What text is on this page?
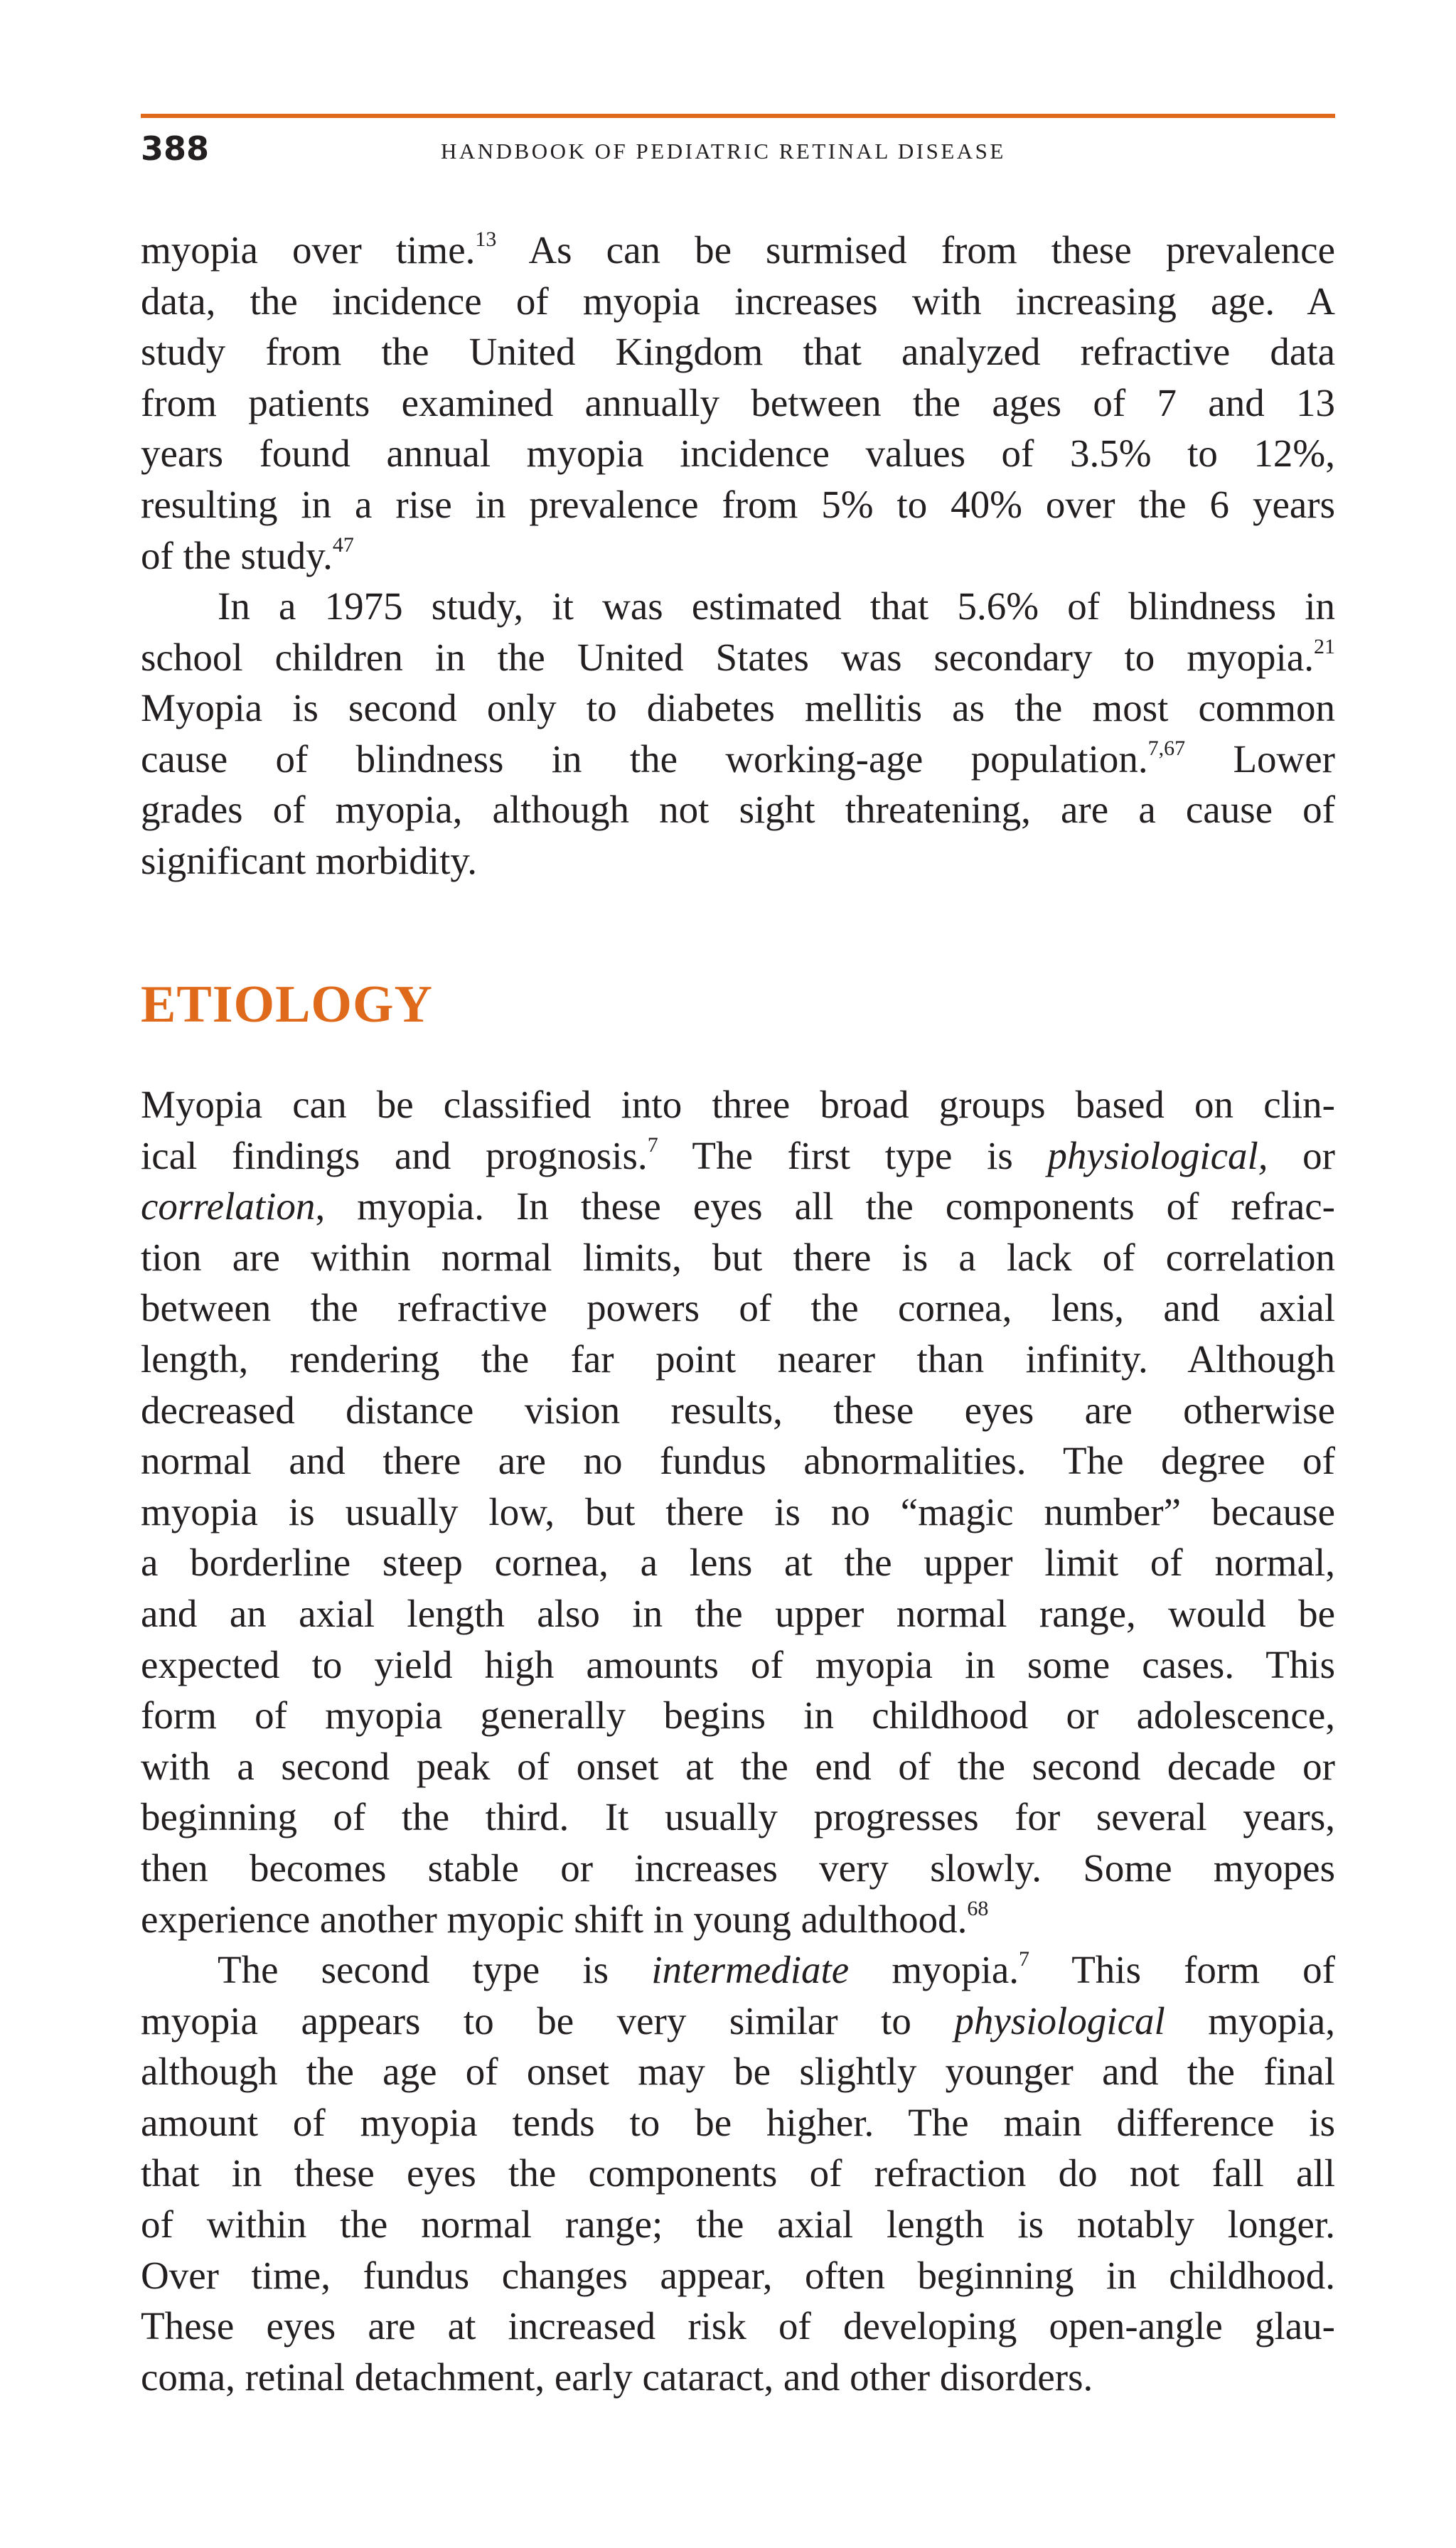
388	HANDBOOK OF PEDIATRIC RETINAL DISEASE
myopia over time.$^{13}$ As can be surmised from these prevalence
data, the incidence of myopia increases with increasing age. A
study from the United Kingdom that analyzed refractive data
from patients examined annually between the ages of 7 and 13
years found annual myopia incidence values of 3.5% to 12%,
resulting in a rise in prevalence from 5% to 40% over the 6 years
of the study.$^{47}$
In a 1975 study, it was estimated that 5.6% of blindness in
school children in the United States was secondary to myopia.$^{21}$
Myopia is second only to diabetes mellitis as the most common
cause of blindness in the working-age population.$^{7,67}$ Lower
grades of myopia, although not sight threatening, are a cause of
significant morbidity.
ETIOLOGY
Myopia can be classified into three broad groups based on clin-
ical findings and prognosis.$^7$ The first type is physiological, or
correlation, myopia. In these eyes all the components of refrac-
tion are within normal limits, but there is a lack of correlation
between the refractive powers of the cornea, lens, and axial
length, rendering the far point nearer than infinity. Although
decreased distance vision results, these eyes are otherwise
normal and there are no fundus abnormalities. The degree of
myopia is usually low, but there is no “magic number” because
a borderline steep cornea, a lens at the upper limit of normal,
and an axial length also in the upper normal range, would be
expected to yield high amounts of myopia in some cases. This
form of myopia generally begins in childhood or adolescence,
with a second peak of onset at the end of the second decade or
beginning of the third. It usually progresses for several years,
then becomes stable or increases very slowly. Some myopes
experience another myopic shift in young adulthood.$^{68}$
The second type is intermediate myopia.$^7$ This form of
myopia appears to be very similar to physiological myopia,
although the age of onset may be slightly younger and the final
amount of myopia tends to be higher. The main difference is
that in these eyes the components of refraction do not fall all
of within the normal range; the axial length is notably longer.
Over time, fundus changes appear, often beginning in childhood.
These eyes are at increased risk of developing open-angle glau-
coma, retinal detachment, early cataract, and other disorders.
